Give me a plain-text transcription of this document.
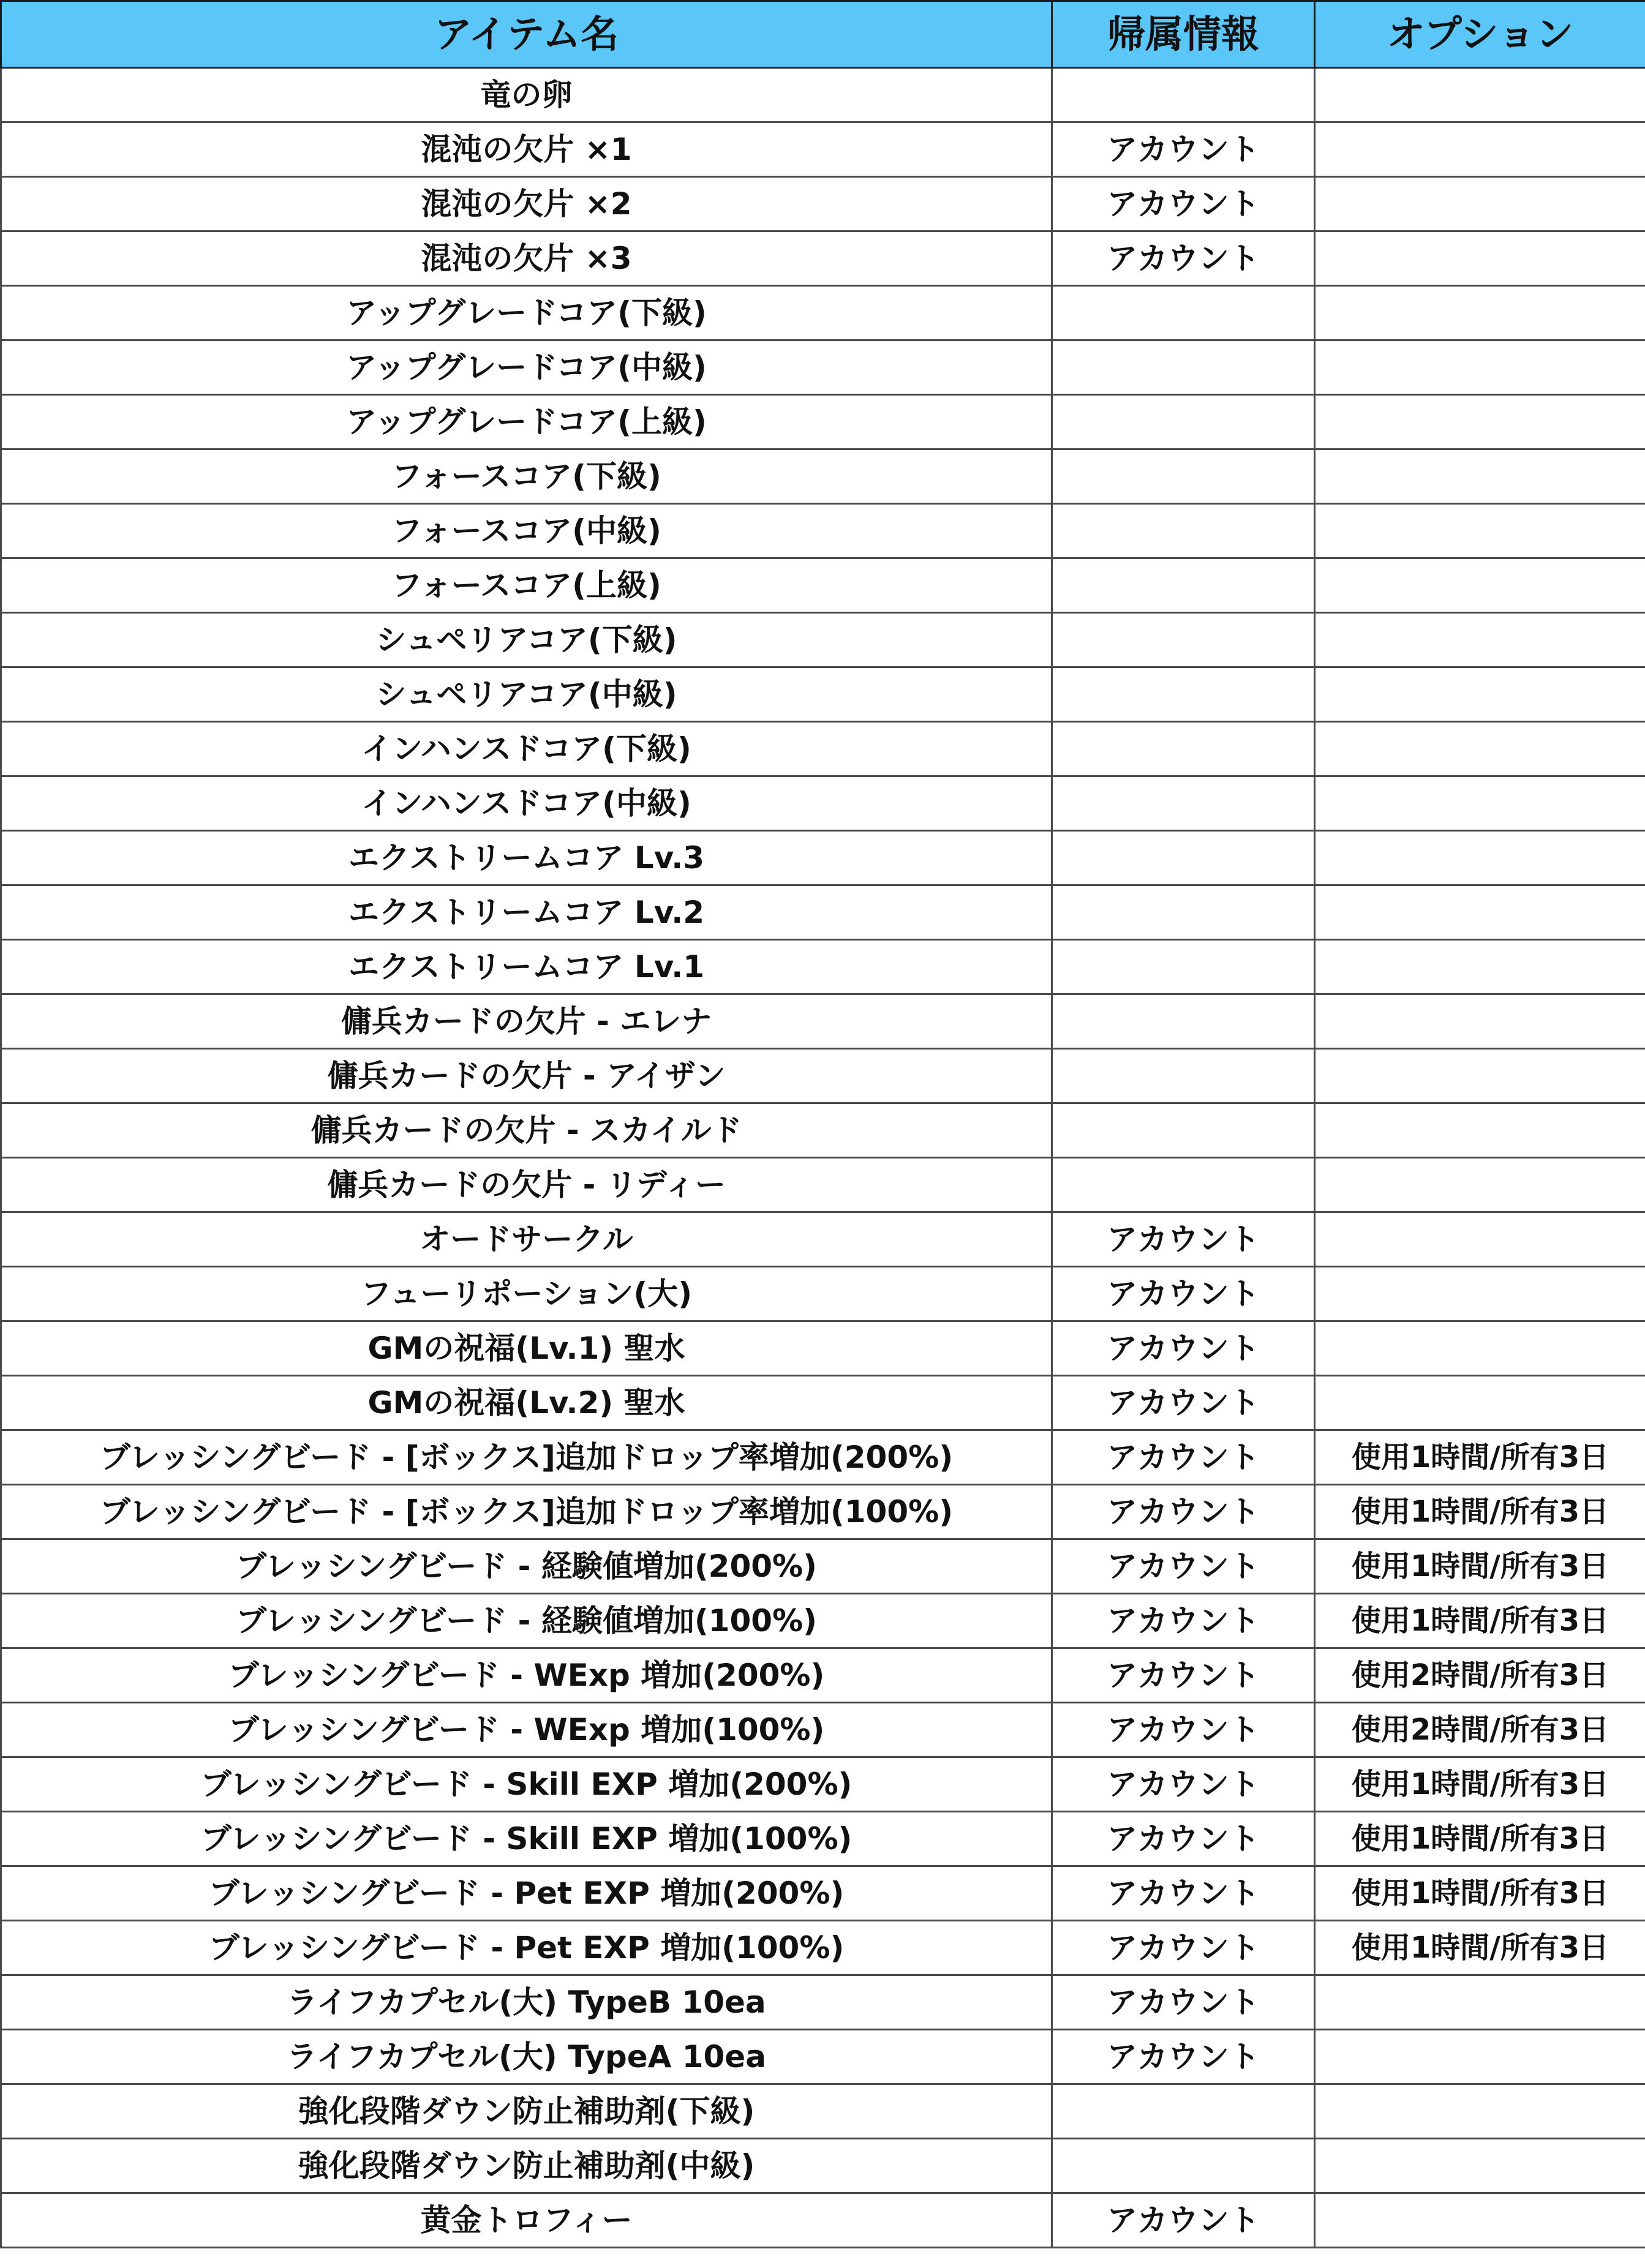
アイテム名	帰属情報	オプション
竜の卵		
混沌の欠片 ×1	アカウント	
混沌の欠片 ×2	アカウント	
混沌の欠片 ×3	アカウント	
アップグレードコア(下級)		
アップグレードコア(中級)		
アップグレードコア(上級)		
フォースコア(下級)		
フォースコア(中級)		
フォースコア(上級)		
シュペリアコア(下級)		
シュペリアコア(中級)		
インハンスドコア(下級)		
インハンスドコア(中級)		
エクストリームコア Lv.3		
エクストリームコア Lv.2		
エクストリームコア Lv.1		
傭兵カードの欠片 - エレナ		
傭兵カードの欠片 - アイザン		
傭兵カードの欠片 - スカイルド		
傭兵カードの欠片 - リディー		
オードサークル	アカウント	
フューリポーション(大)	アカウント	
GMの祝福(Lv.1) 聖水	アカウント	
GMの祝福(Lv.2) 聖水	アカウント	
ブレッシングビード - [ボックス]追加ドロップ率増加(200%)	アカウント	使用1時間/所有3日
ブレッシングビード - [ボックス]追加ドロップ率増加(100%)	アカウント	使用1時間/所有3日
ブレッシングビード - 経験値増加(200%)	アカウント	使用1時間/所有3日
ブレッシングビード - 経験値増加(100%)	アカウント	使用1時間/所有3日
ブレッシングビード - WExp 増加(200%)	アカウント	使用2時間/所有3日
ブレッシングビード - WExp 増加(100%)	アカウント	使用2時間/所有3日
ブレッシングビード - Skill EXP 増加(200%)	アカウント	使用1時間/所有3日
ブレッシングビード - Skill EXP 増加(100%)	アカウント	使用1時間/所有3日
ブレッシングビード - Pet EXP 増加(200%)	アカウント	使用1時間/所有3日
ブレッシングビード - Pet EXP 増加(100%)	アカウント	使用1時間/所有3日
ライフカプセル(大) TypeB 10ea	アカウント	
ライフカプセル(大) TypeA 10ea	アカウント	
強化段階ダウン防止補助剤(下級)		
強化段階ダウン防止補助剤(中級)		
黄金トロフィー	アカウント	
